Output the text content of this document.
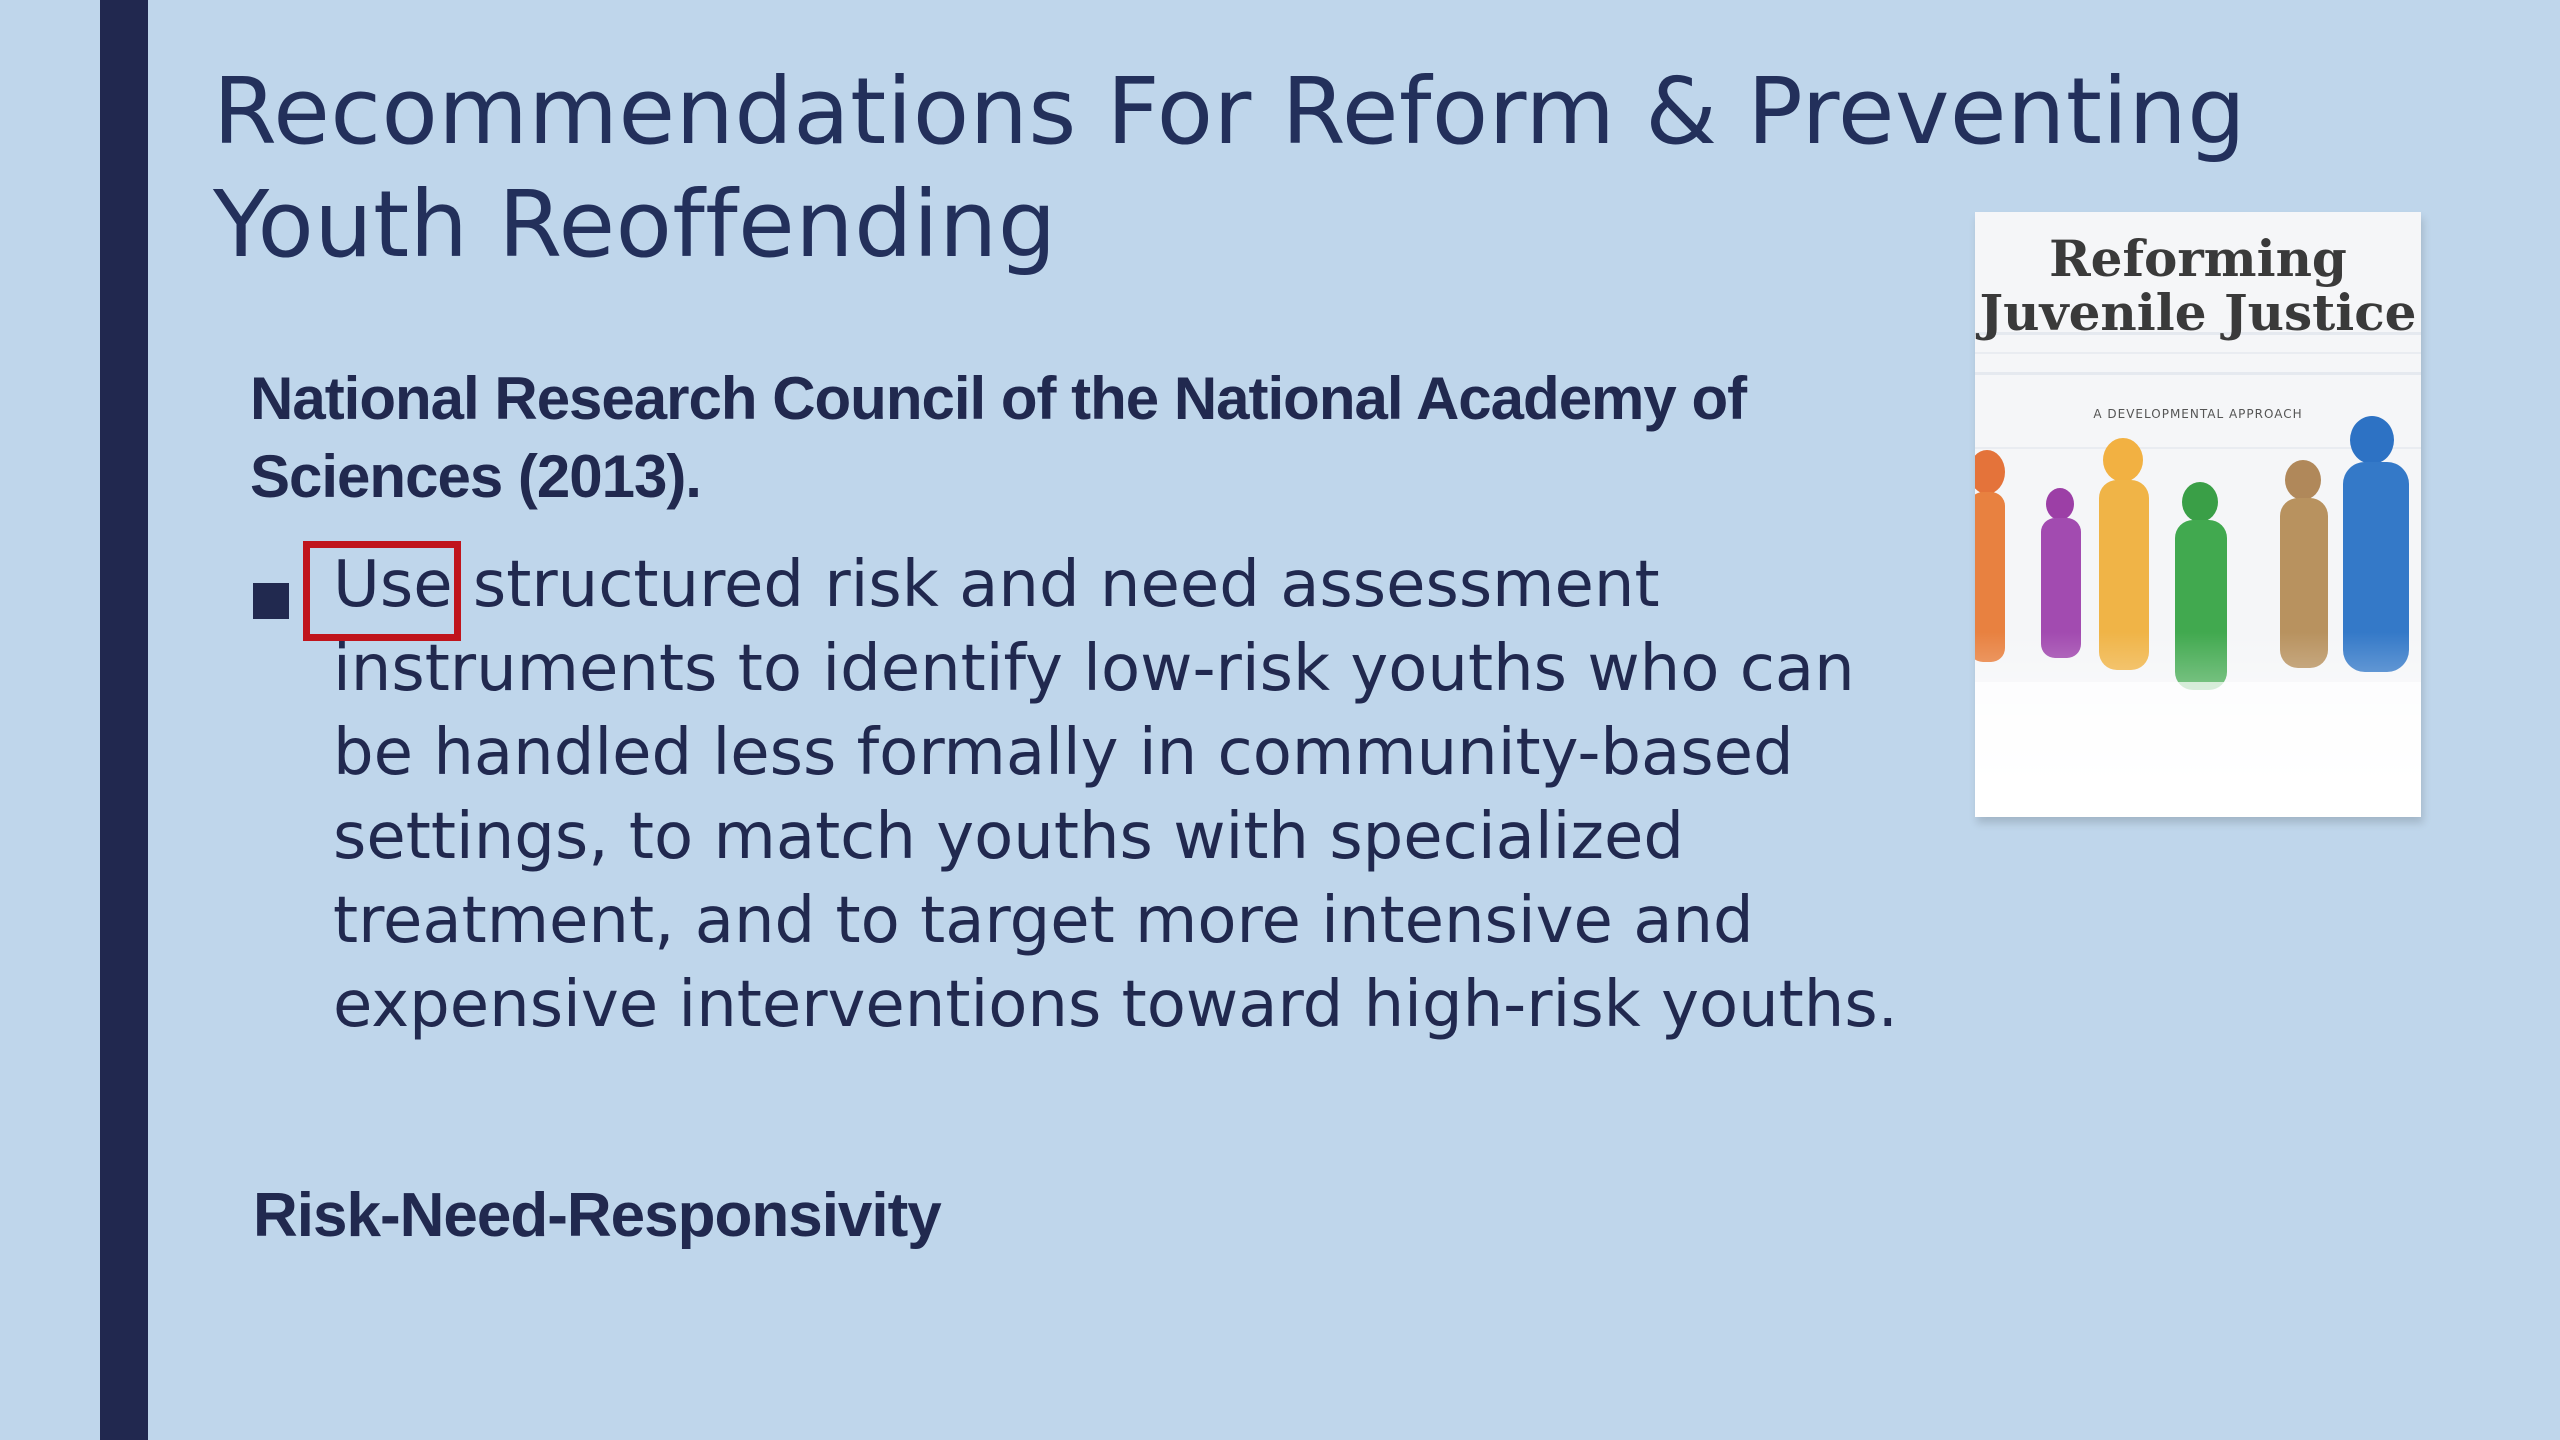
Recommendations For Reform & Preventing Youth Reoffending
National Research Council of the National Academy of Sciences (2013).
Use
structured risk and need assessment instruments to identify low-risk youths who can be handled less formally in community-based settings, to match youths with specialized treatment, and to target more intensive and expensive interventions toward high-risk youths.
Risk-Need-Responsivity
Reforming Juvenile Justice
A DEVELOPMENTAL APPROACH
